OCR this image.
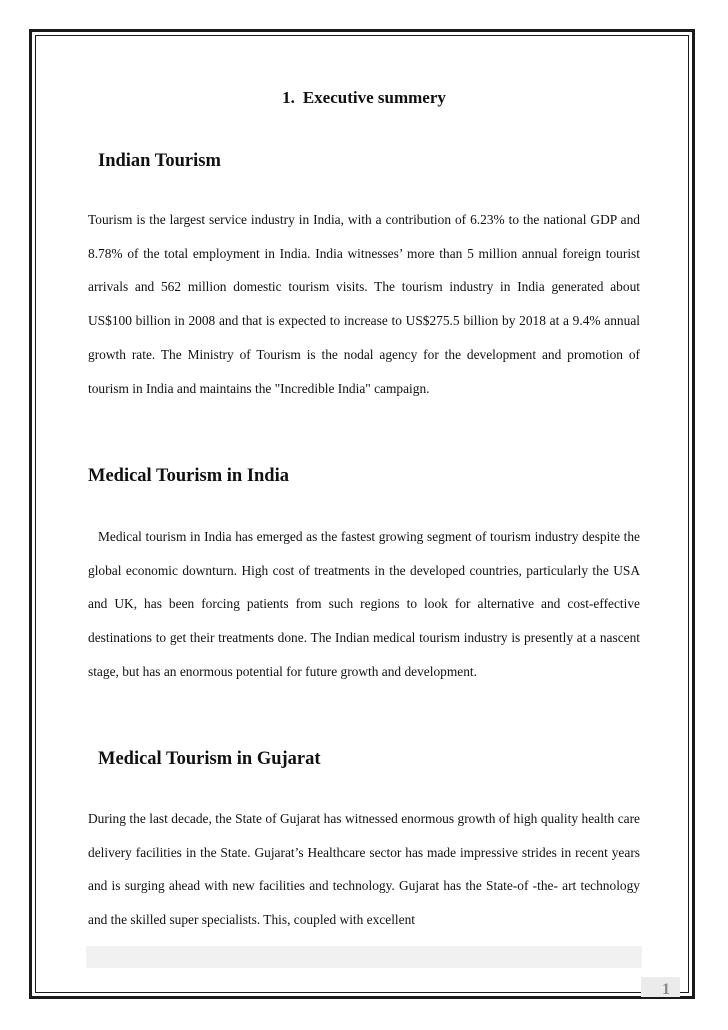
1. Executive summery
Indian Tourism
Tourism is the largest service industry in India, with a contribution of 6.23% to the national GDP and 8.78% of the total employment in India. India witnesses’ more than 5 million annual foreign tourist arrivals and 562 million domestic tourism visits. The tourism industry in India generated about US$100 billion in 2008 and that is expected to increase to US$275.5 billion by 2018 at a 9.4% annual growth rate. The Ministry of Tourism is the nodal agency for the development and promotion of tourism in India and maintains the "Incredible India" campaign.
Medical Tourism in India
Medical tourism in India has emerged as the fastest growing segment of tourism industry despite the global economic downturn. High cost of treatments in the developed countries, particularly the USA and UK, has been forcing patients from such regions to look for alternative and cost-effective destinations to get their treatments done. The Indian medical tourism industry is presently at a nascent stage, but has an enormous potential for future growth and development.
Medical Tourism in Gujarat
During the last decade, the State of Gujarat has witnessed enormous growth of high quality health care delivery facilities in the State. Gujarat’s Healthcare sector has made impressive strides in recent years and is surging ahead with new facilities and technology. Gujarat has the State-of -the- art technology and the skilled super specialists. This, coupled with excellent
1
